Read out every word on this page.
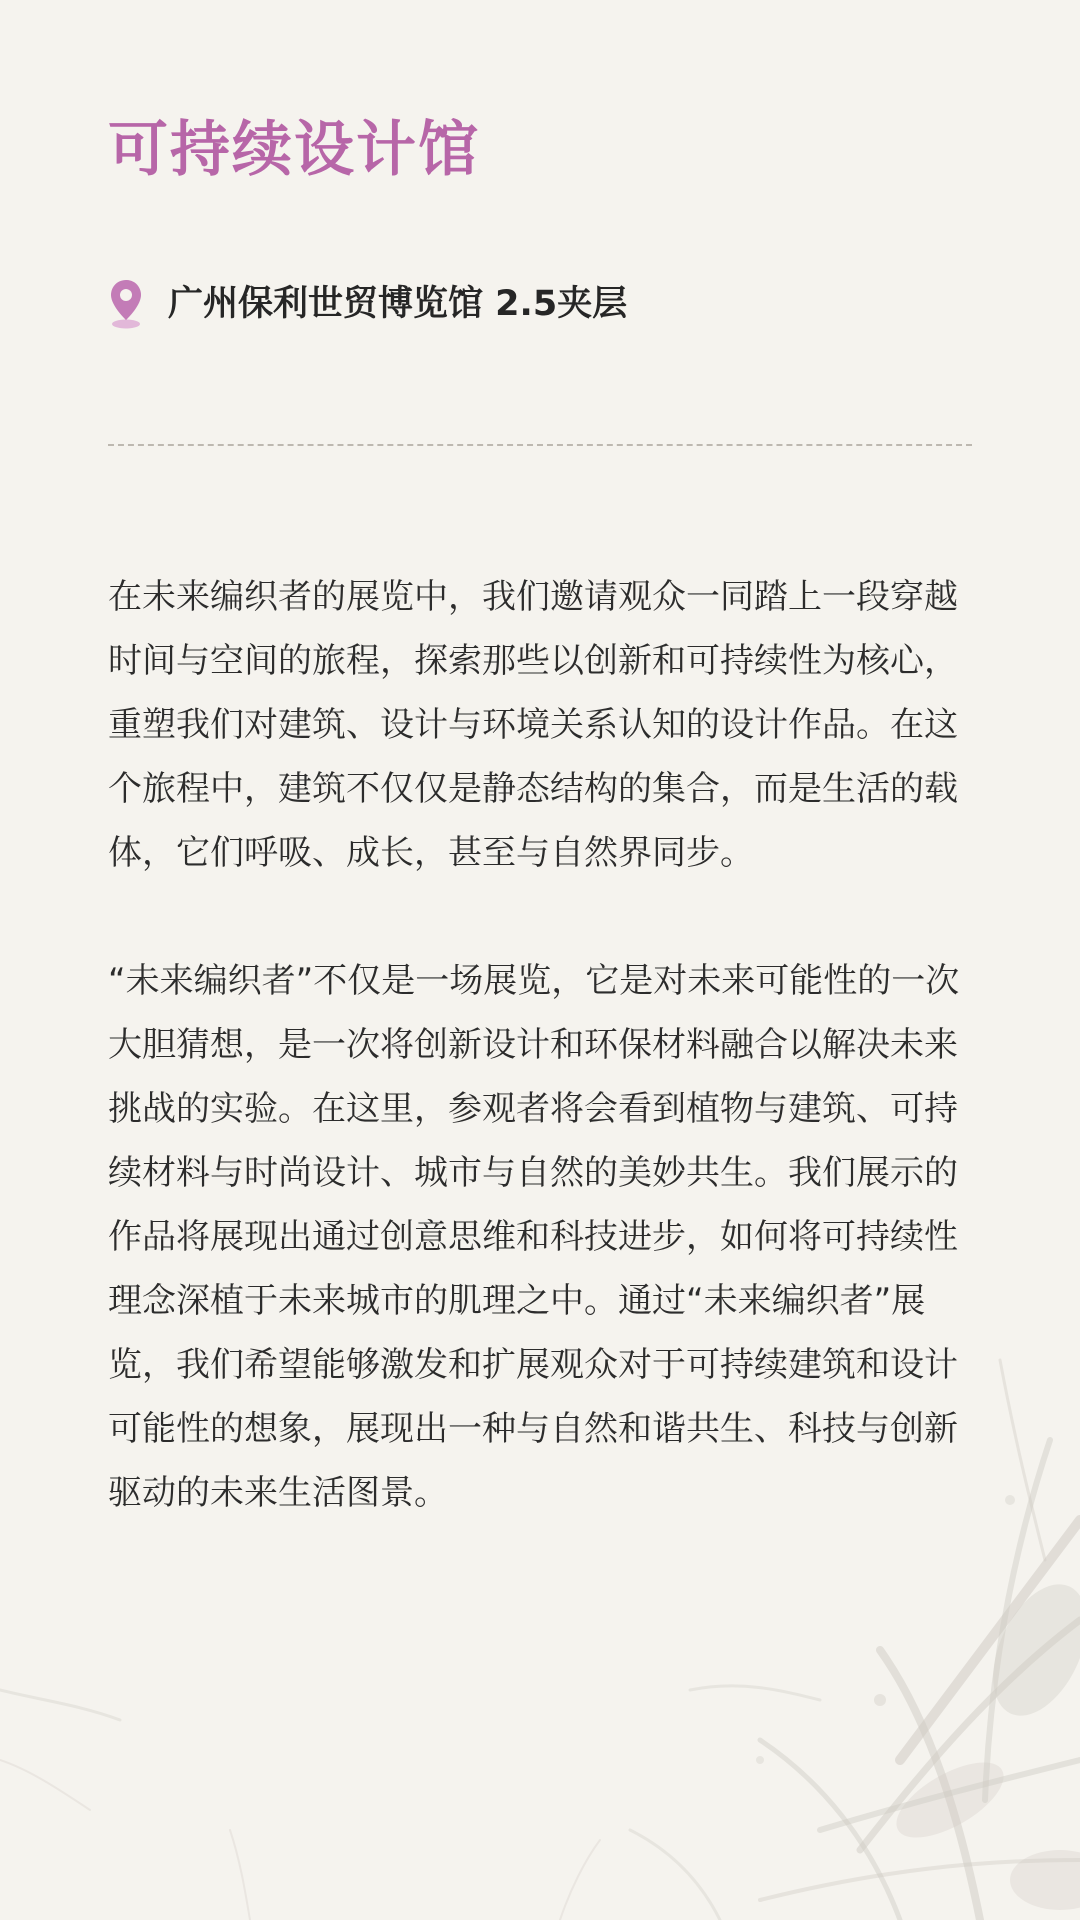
可持续设计馆
广州保利世贸博览馆 2.5夹层

在未来编织者的展览中，我们邀请观众一同踏上一段穿越时间与空间的旅程，探索那些以创新和可持续性为核心，重塑我们对建筑、设计与环境关系认知的设计作品。在这个旅程中，建筑不仅仅是静态结构的集合，而是生活的载体，它们呼吸、成长，甚至与自然界同步。

“未来编织者”不仅是一场展览，它是对未来可能性的一次大胆猜想，是一次将创新设计和环保材料融合以解决未来挑战的实验。在这里，参观者将会看到植物与建筑、可持续材料与时尚设计、城市与自然的美妙共生。我们展示的作品将展现出通过创意思维和科技进步，如何将可持续性理念深植于未来城市的肌理之中。通过“未来编织者”展览，我们希望能够激发和扩展观众对于可持续建筑和设计可能性的想象，展现出一种与自然和谐共生、科技与创新驱动的未来生活图景。
